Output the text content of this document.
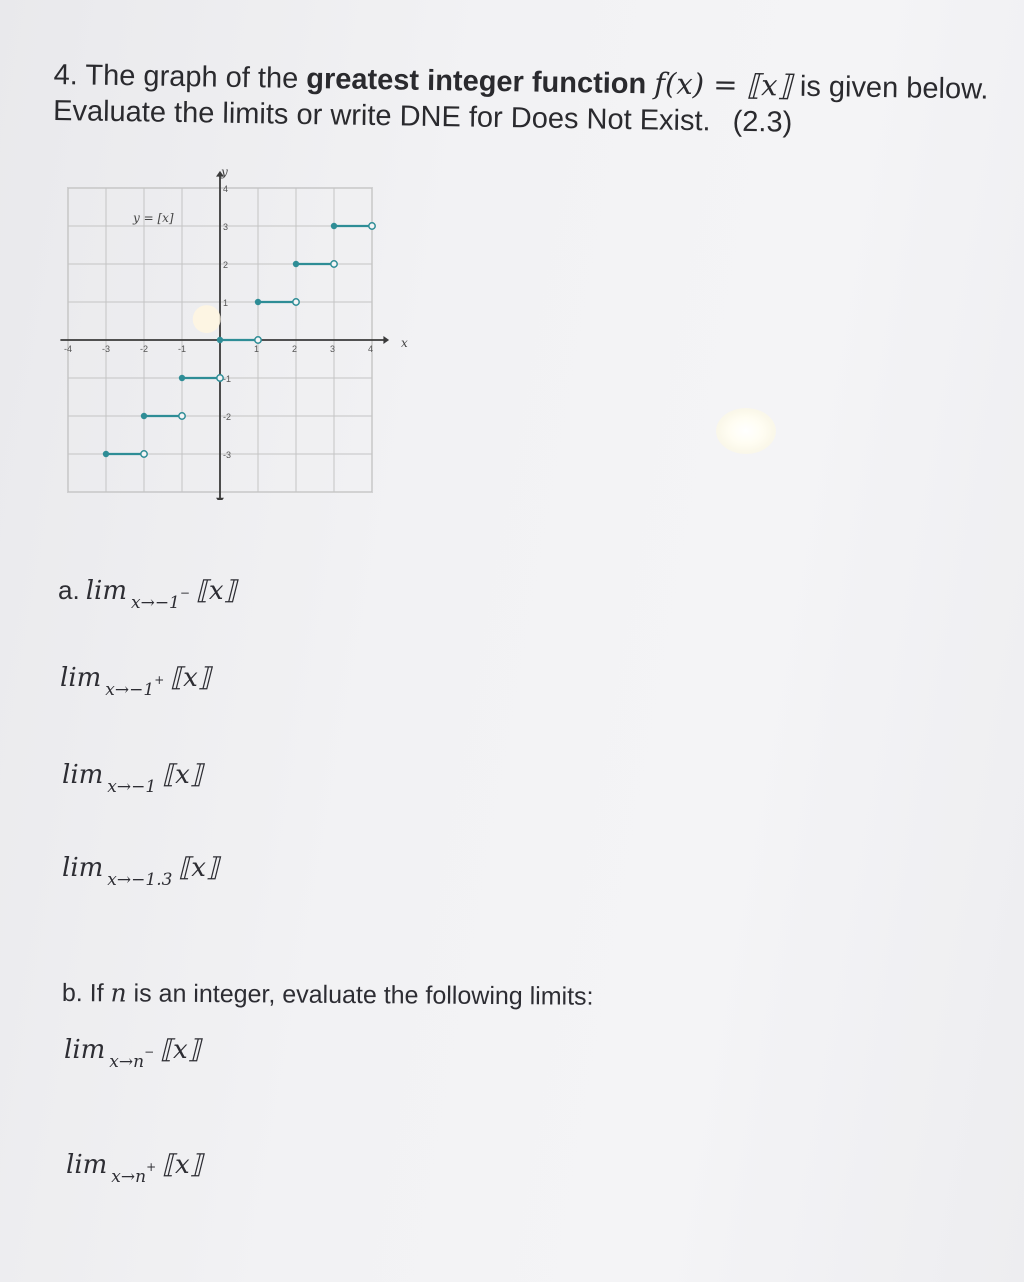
4. The graph of the greatest integer function f(x) = ⟦x⟧ is given below.
Evaluate the limits or write DNE for Does Not Exist. (2.3)
-4	-3	-2	-1	1	2	3	4
4
3
2
1
-1
-2
-3
y = [x]
x
y
a. lim $_{x\to-1^-}$ ⟦x⟧
lim $_{x\to-1^+}$ ⟦x⟧
lim $_{x\to-1}$ ⟦x⟧
lim $_{x\to-1.3}$ ⟦x⟧
b. If n is an integer, evaluate the following limits:
lim $_{x\to n^-}$ ⟦x⟧
lim $_{x\to n^+}$ ⟦x⟧
